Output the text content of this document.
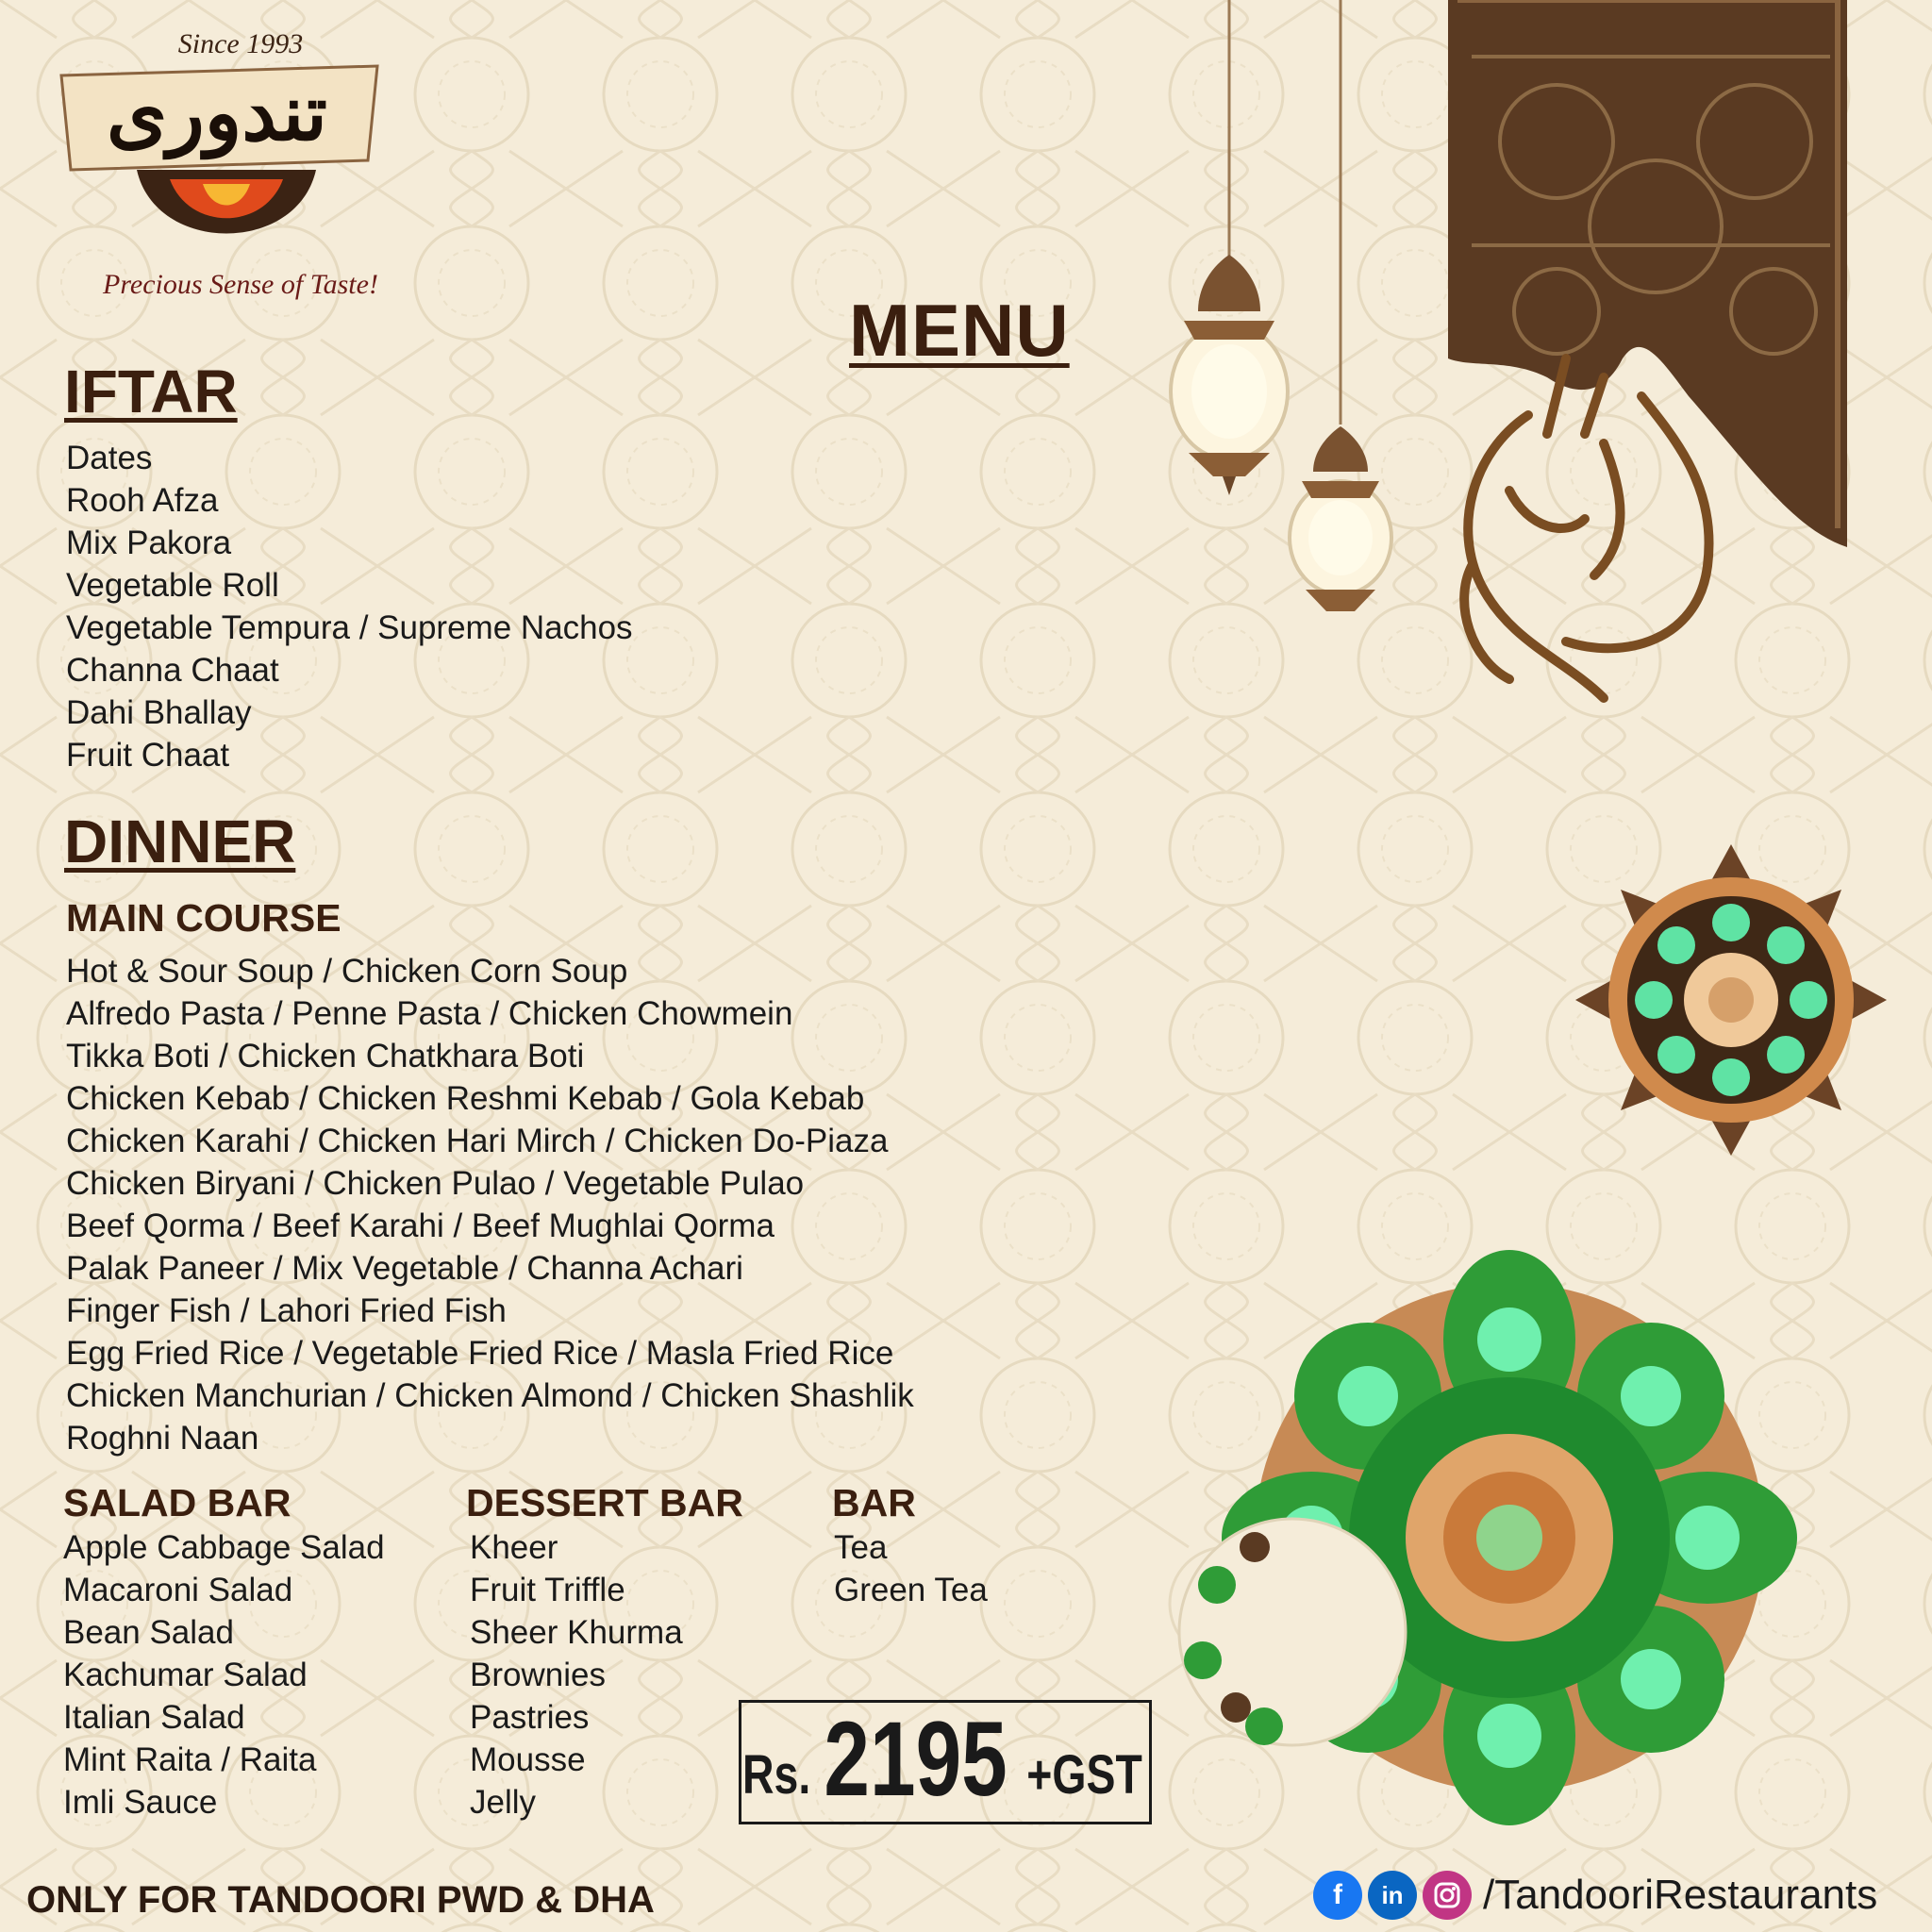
Since 1993
تندوری
Precious Sense of Taste!
MENU
IFTAR
Dates
Rooh Afza
Mix Pakora
Vegetable Roll
Vegetable Tempura / Supreme Nachos
Channa Chaat
Dahi Bhallay
Fruit Chaat
DINNER
MAIN COURSE
Hot & Sour Soup / Chicken Corn Soup
Alfredo Pasta / Penne Pasta / Chicken Chowmein
Tikka Boti / Chicken Chatkhara Boti
Chicken Kebab / Chicken Reshmi Kebab / Gola Kebab
Chicken Karahi / Chicken Hari Mirch / Chicken Do-Piaza
Chicken Biryani / Chicken Pulao / Vegetable Pulao
Beef Qorma / Beef Karahi / Beef Mughlai Qorma
Palak Paneer / Mix Vegetable / Channa Achari
Finger Fish / Lahori Fried Fish
Egg Fried Rice / Vegetable Fried Rice / Masla Fried Rice
Chicken Manchurian / Chicken Almond / Chicken Shashlik
Roghni Naan
SALAD BAR
Apple Cabbage Salad
Macaroni Salad
Bean Salad
Kachumar Salad
Italian Salad
Mint Raita / Raita
Imli Sauce
DESSERT BAR
Kheer
Fruit Triffle
Sheer Khurma
Brownies
Pastries
Mousse
Jelly
BAR
Tea
Green Tea
Rs. 2195 +GST
ONLY FOR TANDOORI PWD & DHA	f	in	/TandooriRestaurants
